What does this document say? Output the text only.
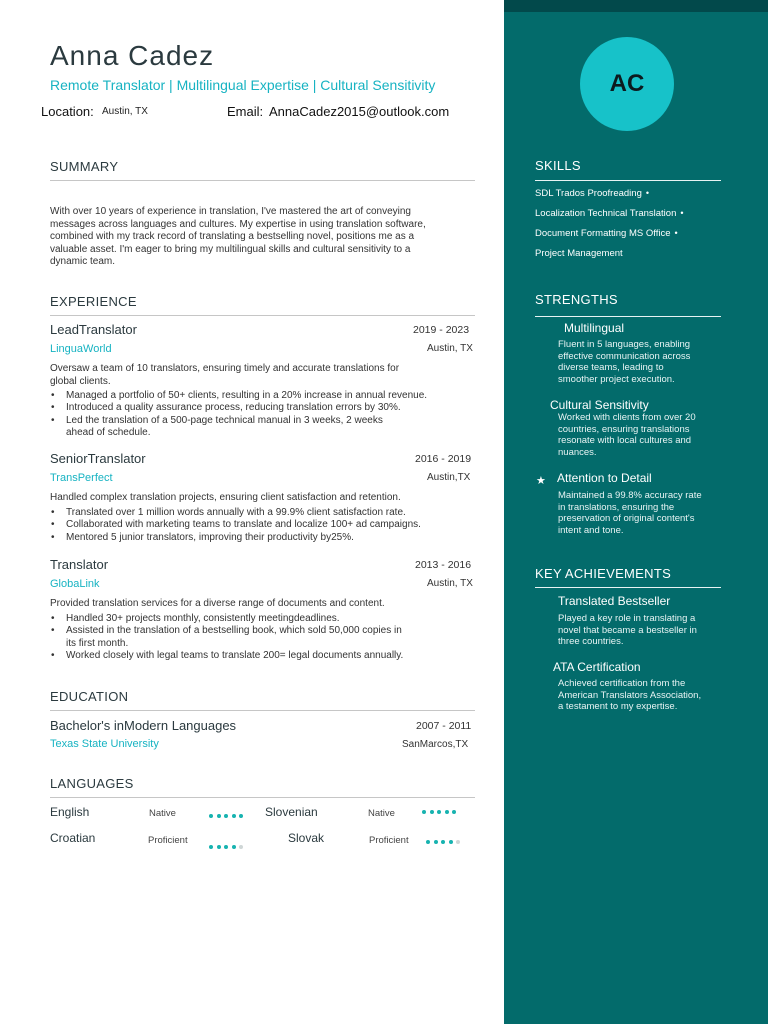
Anna Cadez
Remote Translator | Multilingual Expertise | Cultural Sensitivity
Location: Austin, TX	Email: AnnaCadez2015@outlook.com
SUMMARY
With over 10 years of experience in translation, I've mastered the art of conveying
messages across languages and cultures. My expertise in using translation software,
combined with my track record of translating a bestselling novel, positions me as a
valuable asset. I'm eager to bring my multilingual skills and cultural sensitivity to a
dynamic team.
EXPERIENCE
LeadTranslator	2019 - 2023
LinguaWorld	Austin, TX
Oversaw a team of 10 translators, ensuring timely and accurate translations for
global clients.
• Managed a portfolio of 50+ clients, resulting in a 20% increase in annual revenue.
• Introduced a quality assurance process, reducing translation errors by 30%.
• Led the translation of a 500-page technical manual in 3 weeks, 2 weeks
ahead of schedule.
SeniorTranslator	2016 - 2019
TransPerfect	Austin,TX
Handled complex translation projects, ensuring client satisfaction and retention.
• Translated over 1 million words annually with a 99.9% client satisfaction rate.
• Collaborated with marketing teams to translate and localize 100+ ad campaigns.
• Mentored 5 junior translators, improving their productivity by25%.
Translator	2013 - 2016
GlobaLink	Austin, TX
Provided translation services for a diverse range of documents and content.
• Handled 30+ projects monthly, consistently meetingdeadlines.
• Assisted in the translation of a bestselling book, which sold 50,000 copies in
its first month.
• Worked closely with legal teams to translate 200= legal documents annually.
EDUCATION
Bachelor's inModern Languages	2007 - 2011
Texas State University	SanMarcos,TX
LANGUAGES
English	Native	Slovenian	Native
Croatian	Proficient	Slovak	Proficient
AC
SKILLS
SDL Trados Proofreading •
Localization Technical Translation •
Document Formatting MS Office •
Project Management
STRENGTHS
Multilingual
Fluent in 5 languages, enabling
effective communication across
diverse teams, leading to
smoother project execution.
Cultural Sensitivity
Worked with clients from over 20
countries, ensuring translations
resonate with local cultures and
nuances.
★ Attention to Detail
Maintained a 99.8% accuracy rate
in translations, ensuring the
preservation of original content's
intent and tone.
KEY ACHIEVEMENTS
Translated Bestseller
Played a key role in translating a
novel that became a bestseller in
three countries.
ATA Certification
Achieved certification from the
American Translators Association,
a testament to my expertise.
